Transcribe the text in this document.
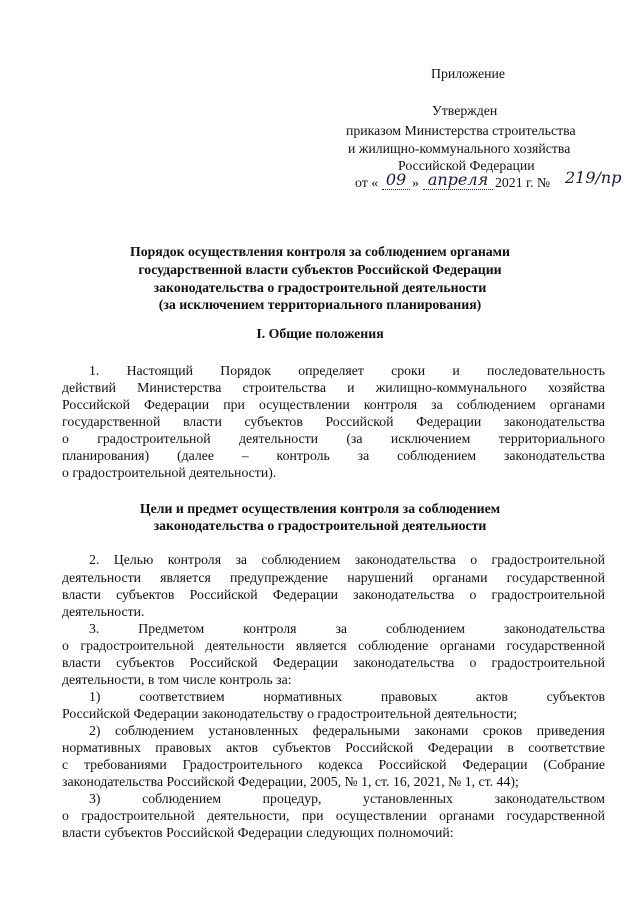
Приложение
Утвержден
приказом Министерства строительства
и жилищно-коммунального хозяйства
Российской Федерации
от « 09 » апреля 2021 г. № 219/пр
Порядок осуществления контроля за соблюдением органами
государственной власти субъектов Российской Федерации
законодательства о градостроительной деятельности
(за исключением территориального планирования)
I. Общие положения
1. Настоящий Порядок определяет сроки и последовательность
действий Министерства строительства и жилищно-коммунального хозяйства
Российской Федерации при осуществлении контроля за соблюдением органами
государственной власти субъектов Российской Федерации законодательства
о градостроительной деятельности (за исключением территориального
планирования) (далее – контроль за соблюдением законодательства
о градостроительной деятельности).
Цели и предмет осуществления контроля за соблюдением
законодательства о градостроительной деятельности
2. Целью контроля за соблюдением законодательства о градостроительной
деятельности является предупреждение нарушений органами государственной
власти субъектов Российской Федерации законодательства о градостроительной
деятельности.
3. Предметом контроля за соблюдением законодательства
о градостроительной деятельности является соблюдение органами государственной
власти субъектов Российской Федерации законодательства о градостроительной
деятельности, в том числе контроль за:
1) соответствием нормативных правовых актов субъектов
Российской Федерации законодательству о градостроительной деятельности;
2) соблюдением установленных федеральными законами сроков приведения
нормативных правовых актов субъектов Российской Федерации в соответствие
с требованиями Градостроительного кодекса Российской Федерации (Собрание
законодательства Российской Федерации, 2005, № 1, ст. 16, 2021, № 1, ст. 44);
3) соблюдением процедур, установленных законодательством
о градостроительной деятельности, при осуществлении органами государственной
власти субъектов Российской Федерации следующих полномочий:
